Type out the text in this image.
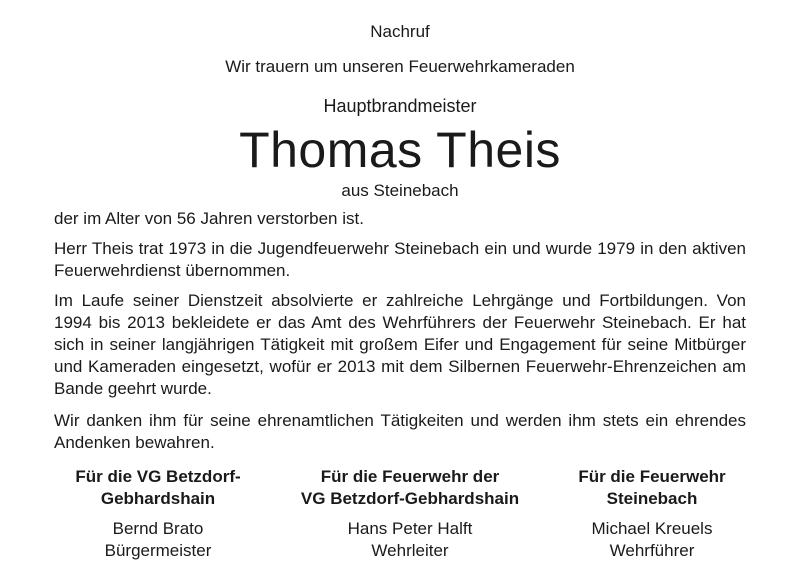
Nachruf
Wir trauern um unseren Feuerwehrkameraden
Hauptbrandmeister
Thomas Theis
aus Steinebach

der im Alter von 56 Jahren verstorben ist.

Herr Theis trat 1973 in die Jugendfeuerwehr Steinebach ein und wurde 1979 in den aktiven Feuerwehrdienst übernommen.

Im Laufe seiner Dienstzeit absolvierte er zahlreiche Lehrgänge und Fortbildungen. Von 1994 bis 2013 bekleidete er das Amt des Wehrführers der Feuerwehr Steinebach. Er hat sich in seiner langjährigen Tätigkeit mit großem Eifer und Engagement für seine Mitbürger und Kameraden eingesetzt, wofür er 2013 mit dem Silbernen Feuerwehr-Ehrenzeichen am Bande geehrt wurde.

Wir danken ihm für seine ehrenamtlichen Tätigkeiten und werden ihm stets ein ehrendes Andenken bewahren.

Für die VG Betzdorf-
Gebhardshain
Bernd Brato
Bürgermeister
Für die Feuerwehr der
VG Betzdorf-Gebhardshain
Hans Peter Halft
Wehrleiter
Für die Feuerwehr
Steinebach
Michael Kreuels
Wehrführer
